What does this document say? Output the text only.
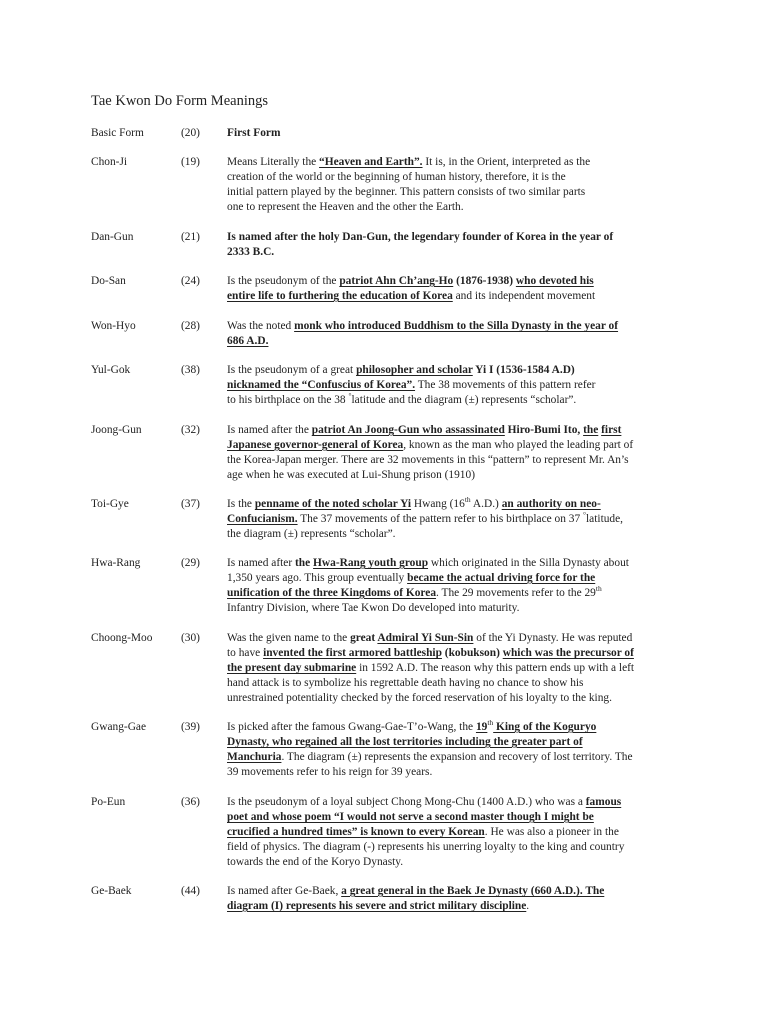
Tae Kwon Do Form Meanings
Basic Form	(20)	First Form
Chon-Ji	(19)	Means Literally the “Heaven and Earth”. It is, in the Orient, interpreted as the
creation of the world or the beginning of human history, therefore, it is the
initial pattern played by the beginner. This pattern consists of two similar parts
one to represent the Heaven and the other the Earth.
Dan-Gun	(21)	Is named after the holy Dan-Gun, the legendary founder of Korea in the year of
2333 B.C.
Do-San	(24)	Is the pseudonym of the patriot Ahn Ch’ang-Ho (1876-1938) who devoted his
entire life to furthering the education of Korea and its independent movement
Won-Hyo	(28)	Was the noted monk who introduced Buddhism to the Silla Dynasty in the year of
686 A.D.
Yul-Gok	(38)	Is the pseudonym of a great philosopher and scholar Yi I (1536-1584 A.D)
nicknamed the “Confuscius of Korea”. The 38 movements of this pattern refer
to his birthplace on the 38 °latitude and the diagram (±) represents “scholar”.
Joong-Gun	(32)	Is named after the patriot An Joong-Gun who assassinated Hiro-Bumi Ito, the first
Japanese governor-general of Korea, known as the man who played the leading part of
the Korea-Japan merger. There are 32 movements in this “pattern” to represent Mr. An’s
age when he was executed at Lui-Shung prison (1910)
Toi-Gye	(37)	Is the penname of the noted scholar Yi Hwang (16th A.D.) an authority on neo-
Confucianism. The 37 movements of the pattern refer to his birthplace on 37 °latitude,
the diagram (±) represents “scholar”.
Hwa-Rang	(29)	Is named after the Hwa-Rang youth group which originated in the Silla Dynasty about
1,350 years ago. This group eventually became the actual driving force for the
unification of the three Kingdoms of Korea. The 29 movements refer to the 29th
Infantry Division, where Tae Kwon Do developed into maturity.
Choong-Moo	(30)	Was the given name to the great Admiral Yi Sun-Sin of the Yi Dynasty. He was reputed
to have invented the first armored battleship (kobukson) which was the precursor of
the present day submarine in 1592 A.D. The reason why this pattern ends up with a left
hand attack is to symbolize his regrettable death having no chance to show his
unrestrained potentiality checked by the forced reservation of his loyalty to the king.
Gwang-Gae	(39)	Is picked after the famous Gwang-Gae-T’o-Wang, the 19th King of the Koguryo
Dynasty, who regained all the lost territories including the greater part of
Manchuria. The diagram (±) represents the expansion and recovery of lost territory. The
39 movements refer to his reign for 39 years.
Po-Eun	(36)	Is the pseudonym of a loyal subject Chong Mong-Chu (1400 A.D.) who was a famous
poet and whose poem “I would not serve a second master though I might be
crucified a hundred times” is known to every Korean. He was also a pioneer in the
field of physics. The diagram (-) represents his unerring loyalty to the king and country
towards the end of the Koryo Dynasty.
Ge-Baek	(44)	Is named after Ge-Baek, a great general in the Baek Je Dynasty (660 A.D.). The
diagram (I) represents his severe and strict military discipline.
